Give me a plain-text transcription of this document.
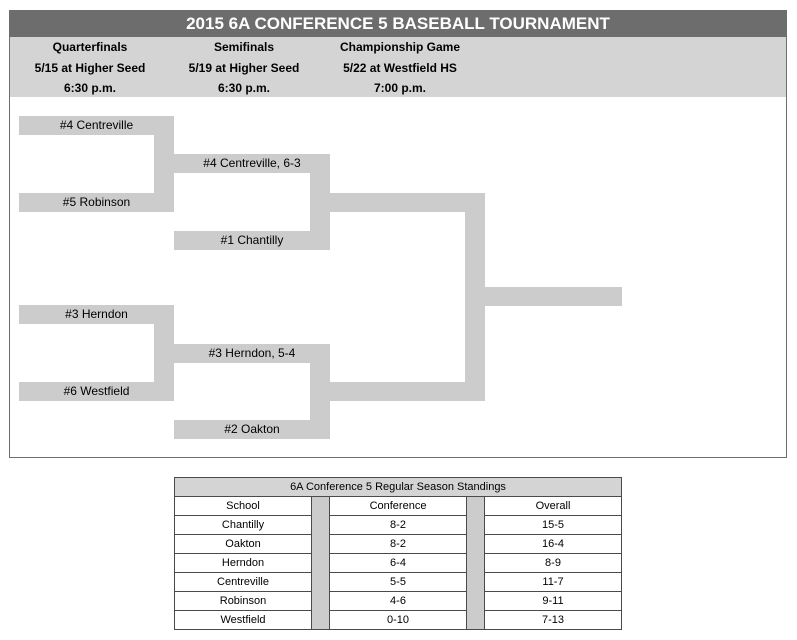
2015 6A CONFERENCE 5 BASEBALL TOURNAMENT
Quarterfinals
5/15 at Higher Seed
6:30 p.m.
Semifinals
5/19 at Higher Seed
6:30 p.m.
Championship Game
5/22 at Westfield HS
7:00 p.m.
#4 Centreville
#5 Robinson
#3 Herndon
#6 Westfield
#4 Centreville, 6-3
#1 Chantilly
#3 Herndon, 5-4
#2 Oakton
6A Conference 5 Regular Season Standings				
School		Conference		Overall
Chantilly		8-2		15-5
Oakton		8-2		16-4
Herndon		6-4		8-9
Centreville		5-5		11-7
Robinson		4-6		9-11
Westfield		0-10		7-13
